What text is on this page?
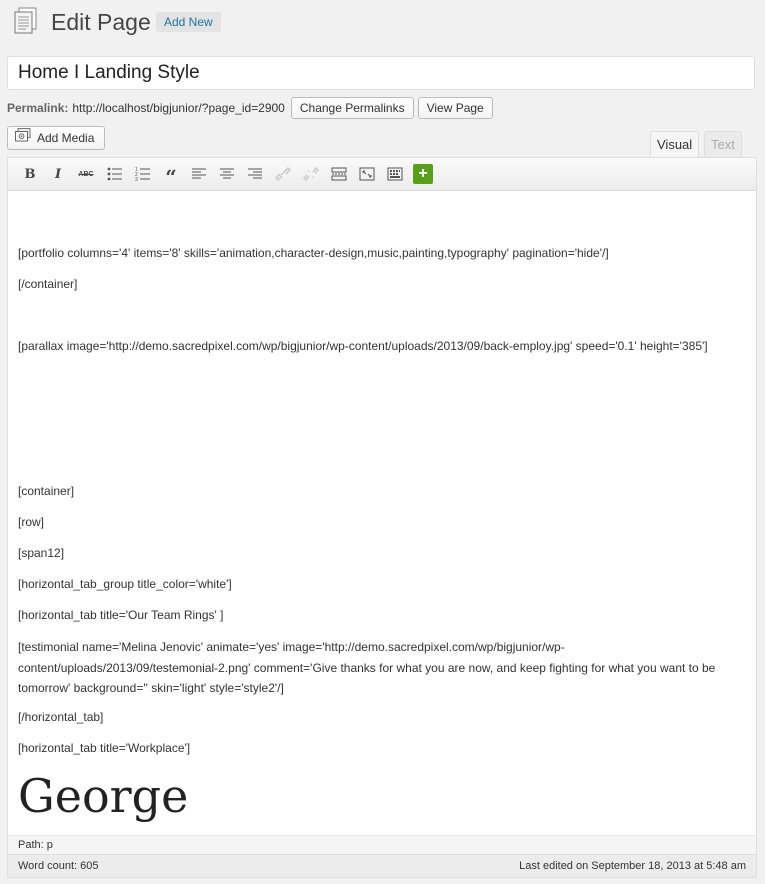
Edit Page	Add New
Home I Landing Style
Permalink: http://localhost/bigjunior/?page_id=2900	Change Permalinks	View Page
Add Media	Visual	Text
B I ABC
1
2
3 “	+

[portfolio columns='4' items='8' skills='animation,character-design,music,painting,typography' pagination='hide'/]

[/container]

[parallax image='http://demo.sacredpixel.com/wp/bigjunior/wp-content/uploads/2013/09/back-employ.jpg' speed='0.1' height='385']

[container]

[row]

[span12]

[horizontal_tab_group title_color='white']

[horizontal_tab title='Our Team Rings' ]

[testimonial name='Melina Jenovic' animate='yes' image='http://demo.sacredpixel.com/wp/bigjunior/wp-content/uploads/2013/09/testemonial-2.png' comment='Give thanks for what you are now, and keep fighting for what you want to be tomorrow' background='' skin='light' style='style2'/]

[/horizontal_tab]

[horizontal_tab title='Workplace']

George
Path: p
Word count: 605	Last edited on September 18, 2013 at 5:48 am
